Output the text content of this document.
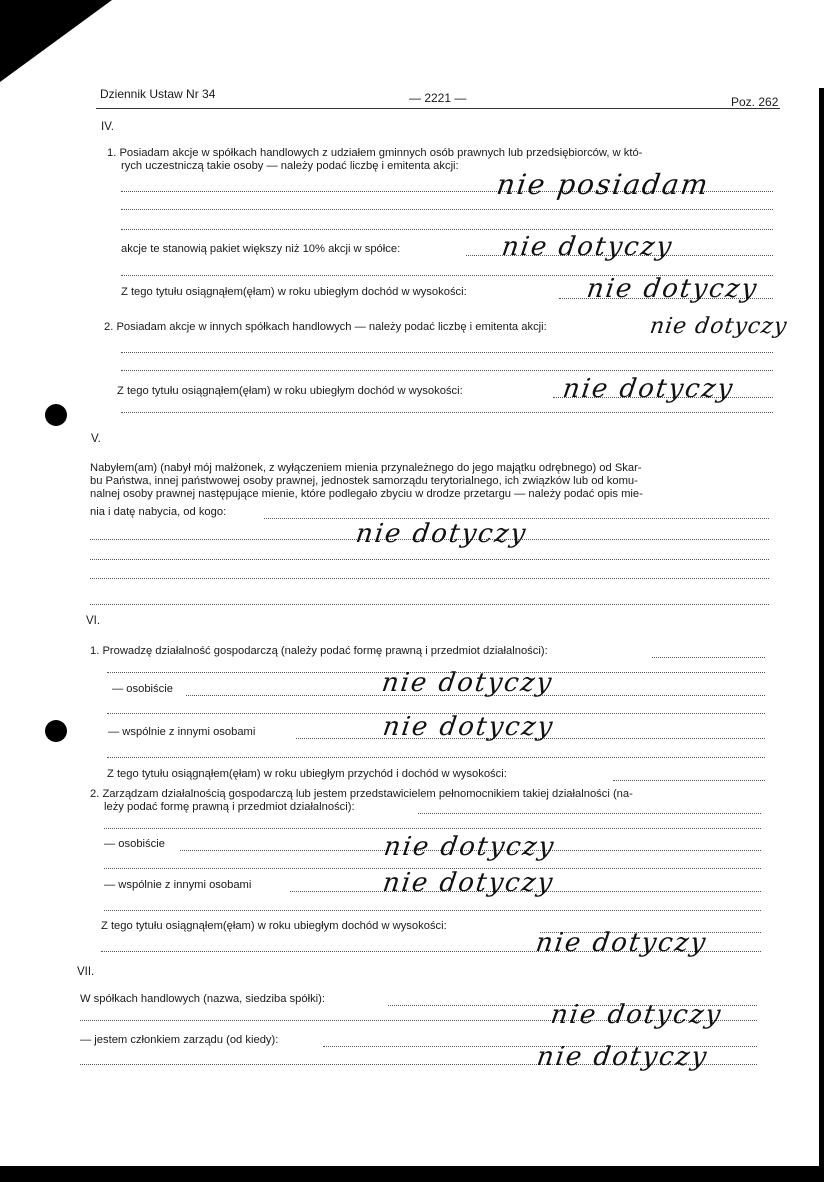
Dziennik Ustaw Nr 34	— 2221 —	Poz. 262
IV.
1. Posiadam akcje w spółkach handlowych z udziałem gminnych osób prawnych lub przedsiębiorców, w któ-
rych uczestniczą takie osoby — należy podać liczbę i emitenta akcji:
nie posiadam
akcje te stanowią pakiet większy niż 10% akcji w spółce:	nie dotyczy
Z tego tytułu osiągnąłem(ęłam) w roku ubiegłym dochód w wysokości:	nie dotyczy
2. Posiadam akcje w innych spółkach handlowych — należy podać liczbę i emitenta akcji:	nie dotyczy
Z tego tytułu osiągnąłem(ęłam) w roku ubiegłym dochód w wysokości:	nie dotyczy
V.
Nabyłem(am) (nabył mój małżonek, z wyłączeniem mienia przynależnego do jego majątku odrębnego) od Skar-
bu Państwa, innej państwowej osoby prawnej, jednostek samorządu terytorialnego, ich związków lub od komu-
nalnej osoby prawnej następujące mienie, które podlegało zbyciu w drodze przetargu — należy podać opis mie-
nia i datę nabycia, od kogo:
nie dotyczy
VI.
1. Prowadzę działalność gospodarczą (należy podać formę prawną i przedmiot działalności):
— osobiście	nie dotyczy
— wspólnie z innymi osobami	nie dotyczy
Z tego tytułu osiągnąłem(ęłam) w roku ubiegłym przychód i dochód w wysokości:
2. Zarządzam działalnością gospodarczą lub jestem przedstawicielem pełnomocnikiem takiej działalności (na-
leży podać formę prawną i przedmiot działalności):
— osobiście	nie dotyczy
— wspólnie z innymi osobami	nie dotyczy
Z tego tytułu osiągnąłem(ęłam) w roku ubiegłym dochód w wysokości:
nie dotyczy
VII.
W spółkach handlowych (nazwa, siedziba spółki):
nie dotyczy
— jestem członkiem zarządu (od kiedy):
nie dotyczy
